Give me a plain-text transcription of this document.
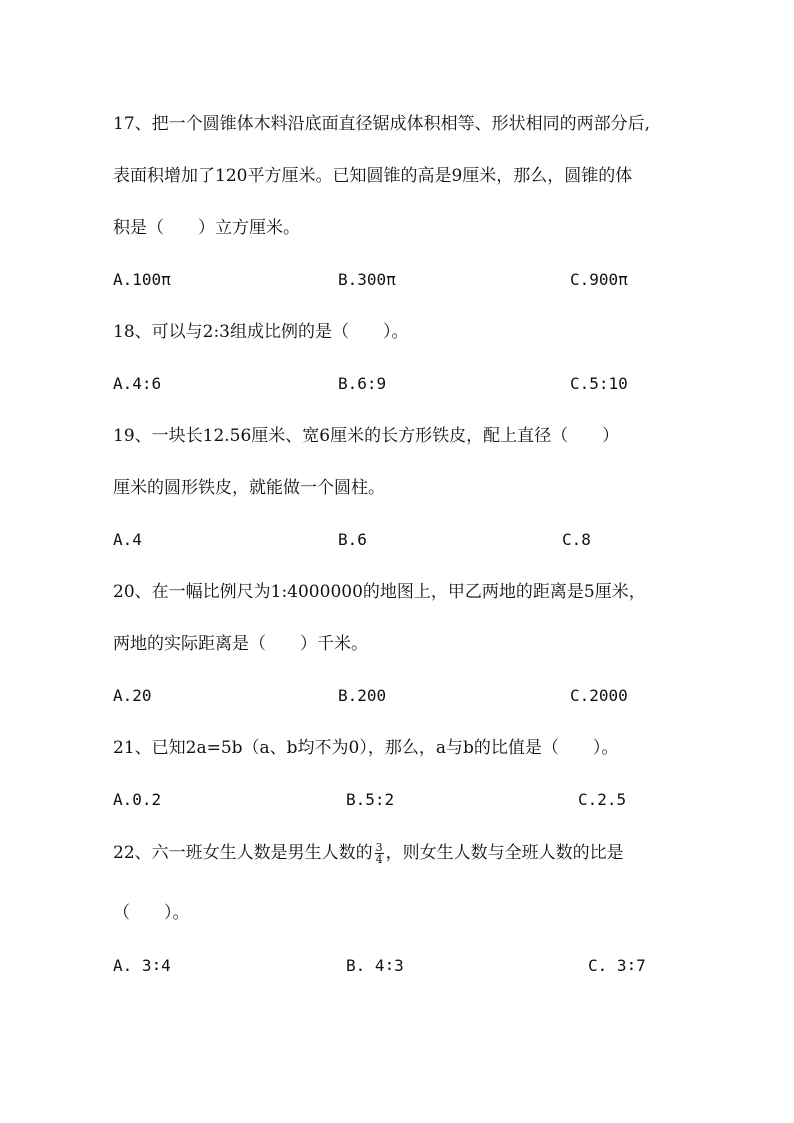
17、把一个圆锥体木料沿底面直径锯成体积相等、形状相同的两部分后,
表面积增加了120平方厘米。已知圆锥的高是9厘米，那么，圆锥的体
积是（　　）立方厘米。
A.100π	B.300π	C.900π
18、可以与2:3组成比例的是（　　）。
A.4:6	B.6:9	C.5:10
19、一块长12.56厘米、宽6厘米的长方形铁皮，配上直径（　　）
厘米的圆形铁皮，就能做一个圆柱。
A.4	B.6	C.8
20、在一幅比例尺为1:4000000的地图上，甲乙两地的距离是5厘米，
两地的实际距离是（　　）千米。
A.20	B.200	C.2000
21、已知2a=5b（a、b均不为0），那么，a与b的比值是（　　）。
A.0.2	B.5:2	C.2.5
22、六一班女生人数是男生人数的 $\frac{3}{4}$ ，则女生人数与全班人数的比是
（　　）。
A. 3∶4	B. 4∶3	C. 3∶7
